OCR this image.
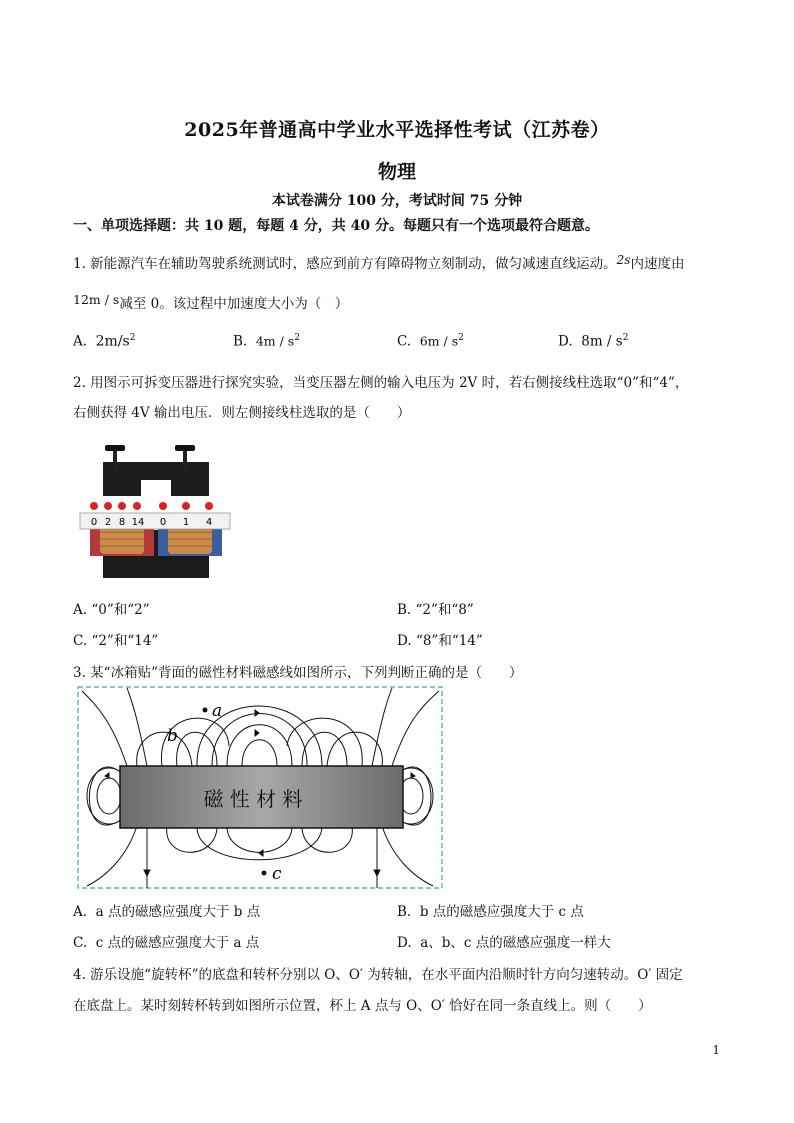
2025年普通高中学业水平选择性考试（江苏卷）
物理
本试卷满分 100 分，考试时间 75 分钟
一、单项选择题：共 10 题，每题 4 分，共 40 分。每题只有一个选项最符合题意。
1. 新能源汽车在辅助驾驶系统测试时，感应到前方有障碍物立刻制动，做匀减速直线运动。2s内速度由
12m / s减至 0。该过程中加速度大小为（　）
A. $2m/s^2$	B. $4m / s^2$	C. $6m / s^2$	D. $8m / s^2$
2. 用图示可拆变压器进行探究实验，当变压器左侧的输入电压为 2V 时，若右侧接线柱选取“0”和“4”，
右侧获得 4V 输出电压．则左侧接线柱选取的是（　　）
0 2 8 14 0 1 4
A. “0”和“2”	B. “2”和“8”
C. “2”和“14”	D. “8”和“14”
3. 某“冰箱贴”背面的磁性材料磁感线如图所示，下列判断正确的是（　　）
磁 性 材 料
a
b
c
A. a 点的磁感应强度大于 b 点	B. b 点的磁感应强度大于 c 点
C. c 点的磁感应强度大于 a 点	D. a、b、c 点的磁感应强度一样大
4. 游乐设施“旋转杯”的底盘和转杯分别以 O、O′ 为转轴，在水平面内沿顺时针方向匀速转动。O′ 固定
在底盘上。某时刻转杯转到如图所示位置，杯上 A 点与 O、O′ 恰好在同一条直线上。则（　　）
1
